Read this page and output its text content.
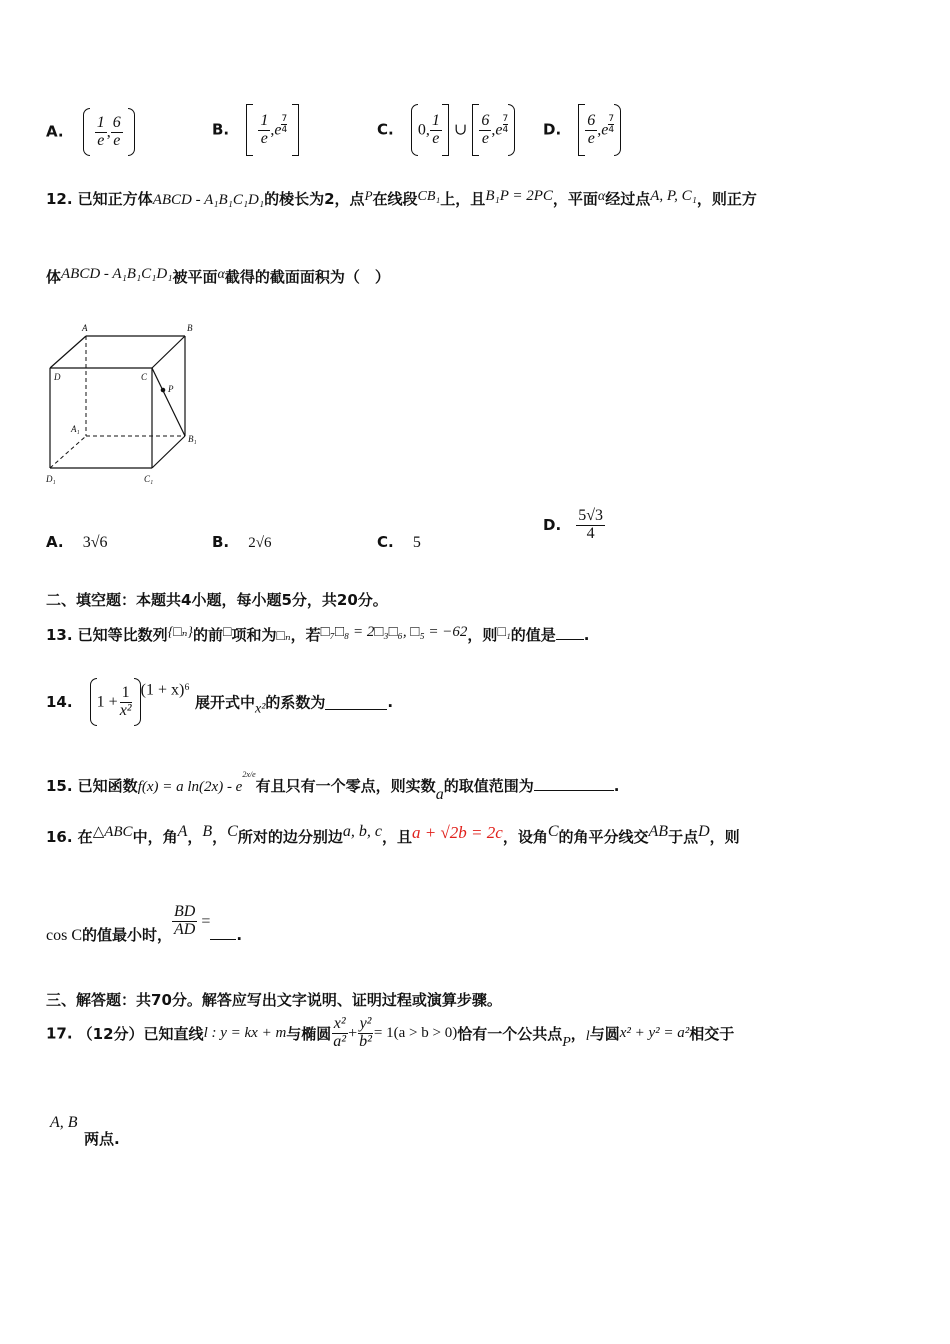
A. $\frac{1}{e}$ , $\frac{6}{e}$
	B. $\frac{1}{e} ,e \frac{7}{4}$
	C. 0, $\frac{1}{e}$ ∪ $\frac{6}{e} ,e \frac{7}{4} D$. $\frac{6}{e} ,e \frac{7}{4}$
12. 已知正方体ABCD - A₁B₁C₁D₁的棱长为2，点$^P$在线段CB₁上，且B₁P = 2PC，平面α经过点A, P, C₁，则正方
体ABCD - A₁B₁C₁D₁被平面α截得的截面面积为（　）
A	B
C
D
P
A₁
B₁
C₁
D₁
A. 3√6	B. 2√6	C. 5
D. $\frac{5√3}{4}$
二、填空题：本题共4小题，每小题5分，共20分。
13. 已知等比数列{□ₙ}的前□项和为□ₙ，若□₇□₈ = 2□₃□₆, □₅ = −62，则□₁的值是 .
14. $1 + \frac{1}{\text{x²}} (1 + x)^6$ 展开式中x²的系数为	.
15. 已知函数f(x) = a $\ln(2x) - e^{2x/e}$有且只有一个零点，则实数a的取值范围为	.
16. 在△ABC中，角A，B，C所对的边分别边a, b, c，且a + √2b = 2c，设角C的角平分线交AB于点D，则
cos C的值最小时， $\frac{BD}{AD}$ =.
三、解答题：共70分。解答应写出文字说明、证明过程或演算步骤。
17. （12分）已知直线l : y = kx + m与椭圆 $\frac{\text{x²}}{\text{a²}} + \frac{\text{y²}}{\text{b²}} = 1(a > b > 0)$恰有一个公共点P，l与圆x² + y² = a²相交于
A, B
两点.
